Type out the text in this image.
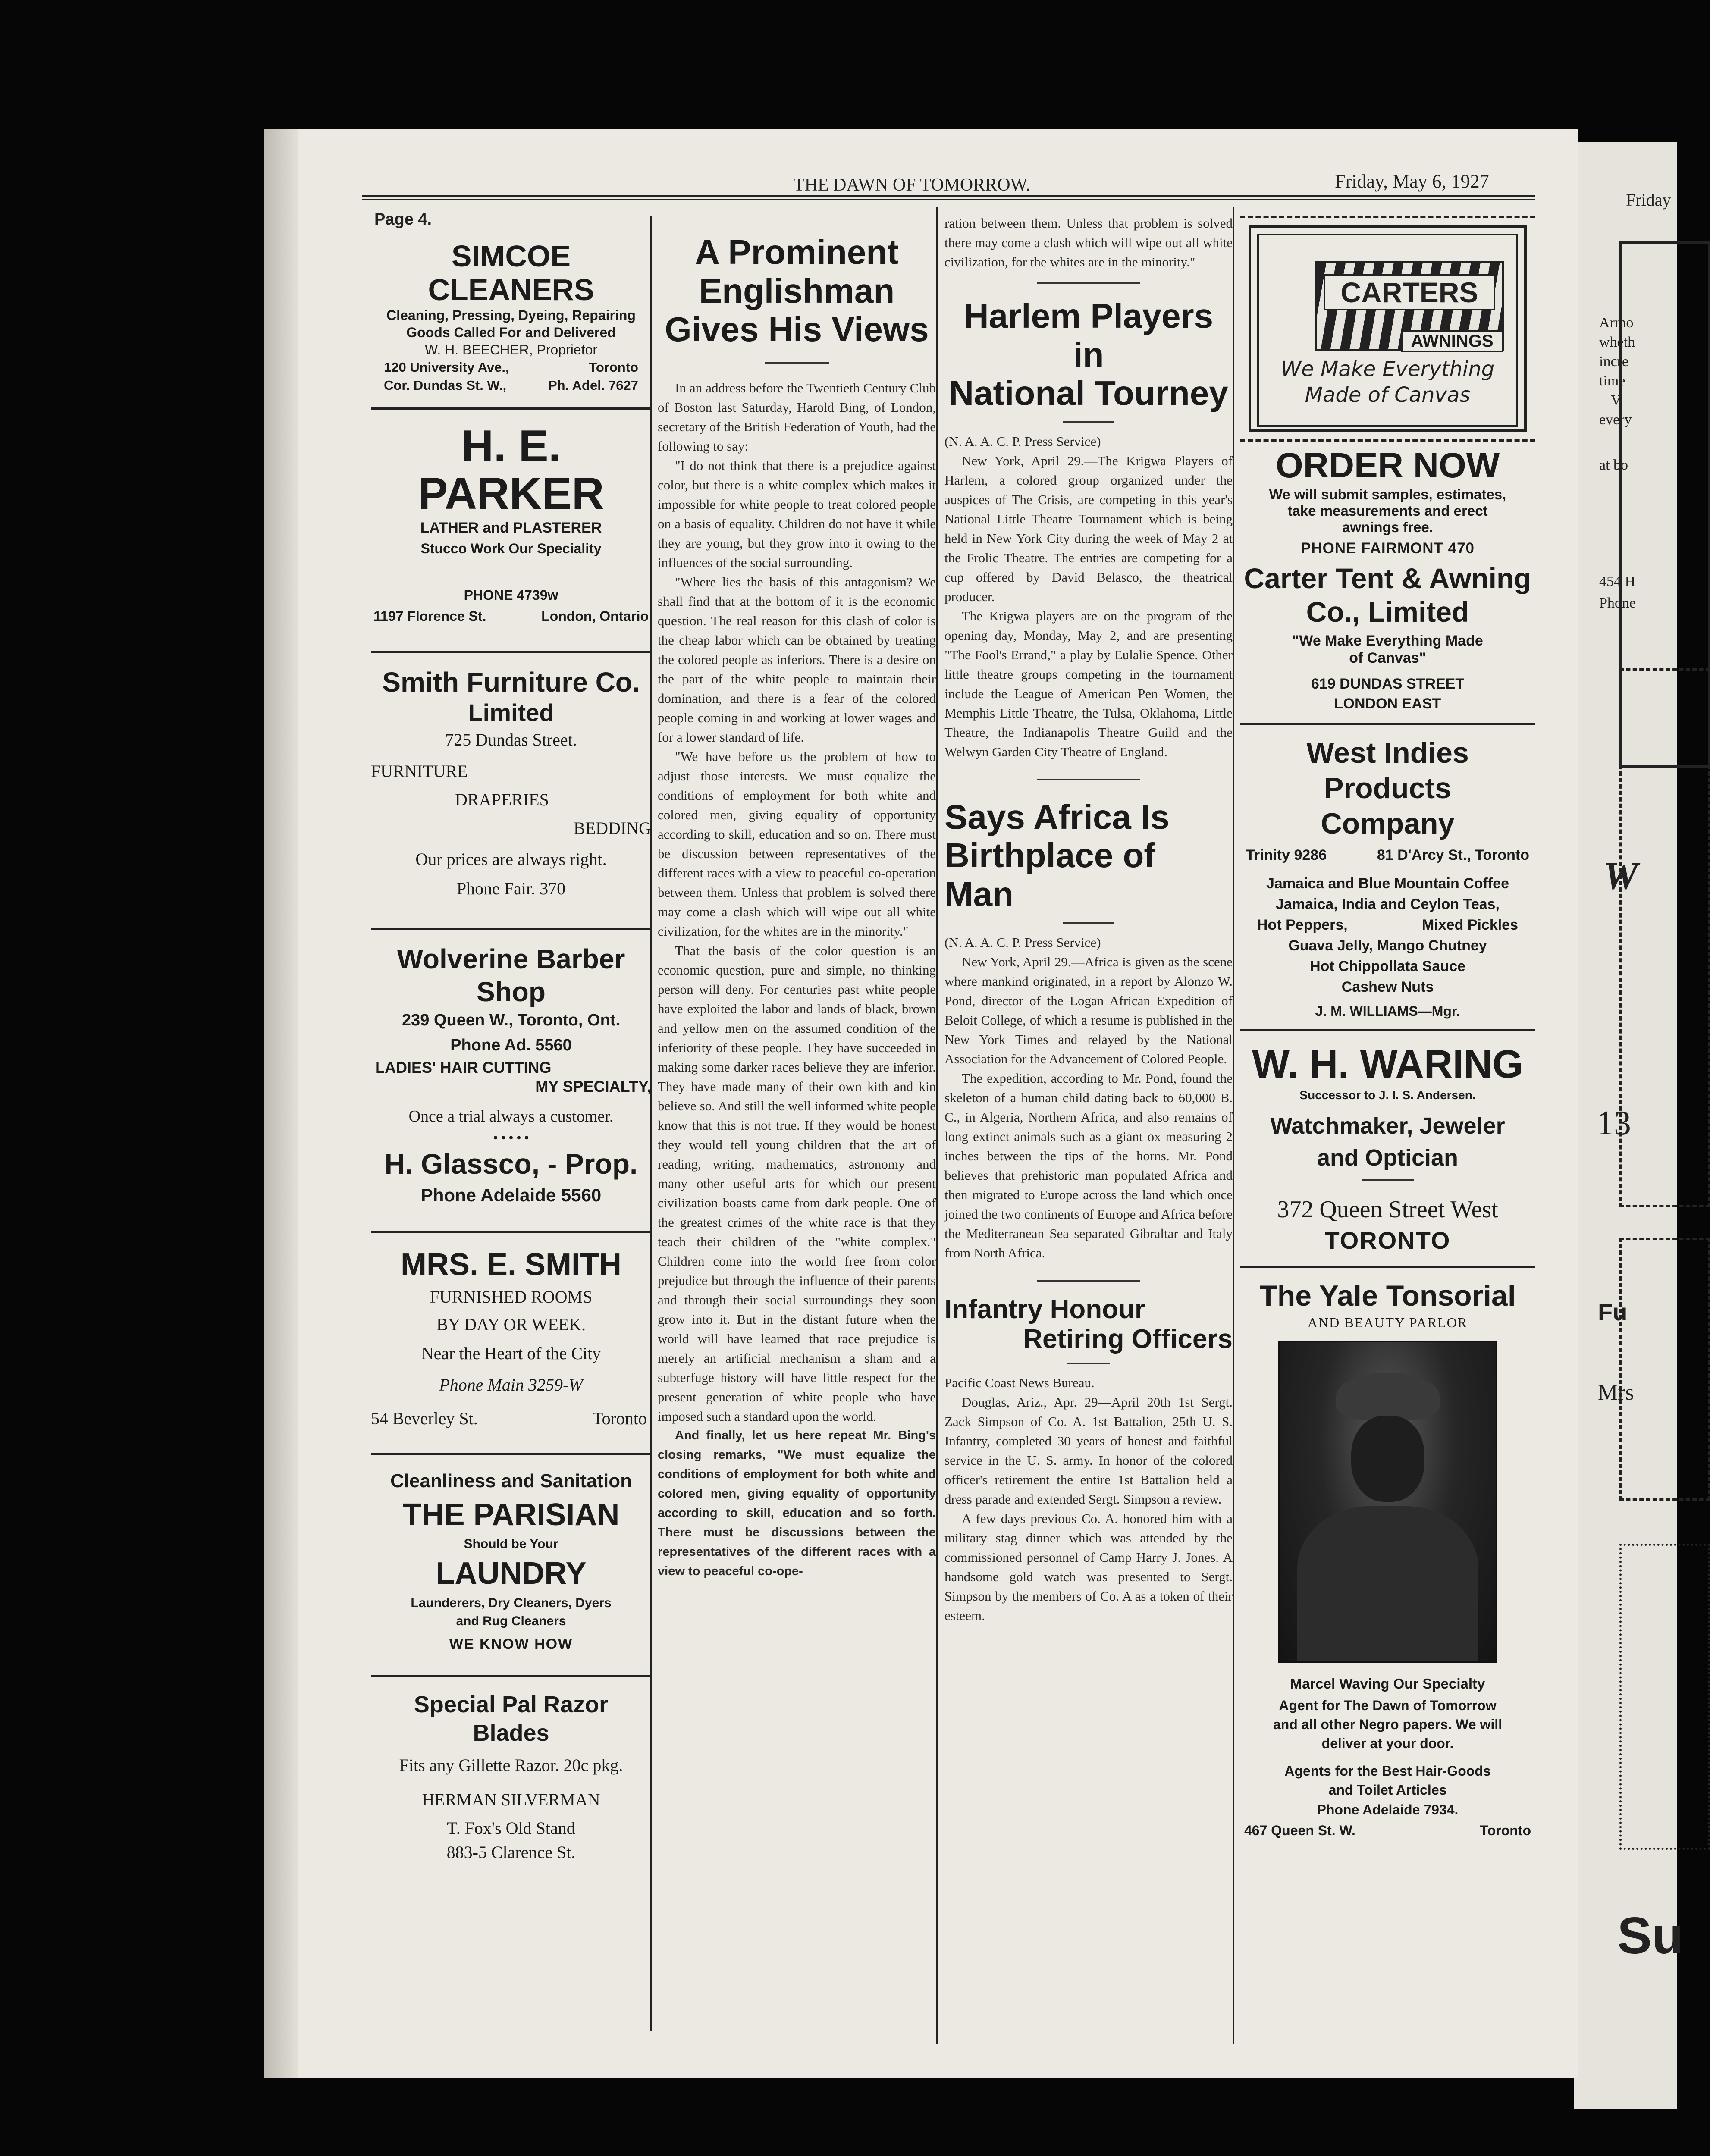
Friday
Armo
wheth
incre
time
V
every
at bo
454 H
Phone
W
13
Fu
Mrs
Su
THE DAWN OF TOMORROW.	Friday, May 6, 1927
Page 4.
SIMCOE CLEANERS
Cleaning, Pressing, Dyeing, Repairing
Goods Called For and Delivered
W. H. BEECHER, Proprietor
120 University Ave.,	Toronto
Cor. Dundas St. W.,	Ph. Adel. 7627
H. E. PARKER
LATHER and PLASTERER
Stucco Work Our Speciality
PHONE 4739w
1197 Florence St.	London, Ontario
Smith Furniture Co.
Limited
725 Dundas Street.
FURNITURE
DRAPERIES
BEDDING
Our prices are always right.
Phone Fair. 370
Wolverine Barber Shop
239 Queen W., Toronto, Ont.
Phone Ad. 5560
LADIES' HAIR CUTTING
MY SPECIALTY,
Once a trial always a customer.
• • • • •
H. Glassco, - Prop.
Phone Adelaide 5560
MRS. E. SMITH
FURNISHED ROOMS
BY DAY OR WEEK.
Near the Heart of the City
Phone Main 3259-W
54 Beverley St.	Toronto
Cleanliness and Sanitation
THE PARISIAN
Should be Your
LAUNDRY
Launderers, Dry Cleaners, Dyers
and Rug Cleaners
WE KNOW HOW
Special Pal Razor
Blades
Fits any Gillette Razor. 20c pkg.
HERMAN SILVERMAN
T. Fox's Old Stand
883-5 Clarence St.
A Prominent
Englishman
Gives His Views

In an address before the Twentieth Century Club of Boston last Saturday, Harold Bing, of London, secretary of the British Federation of Youth, had the following to say:

"I do not think that there is a prejudice against color, but there is a white complex which makes it impossible for white people to treat colored people on a basis of equality. Children do not have it while they are young, but they grow into it owing to the influences of the social surrounding.

"Where lies the basis of this antagonism? We shall find that at the bottom of it is the economic question. The real reason for this clash of color is the cheap labor which can be obtained by treating the colored people as inferiors. There is a desire on the part of the white people to maintain their domination, and there is a fear of the colored people coming in and working at lower wages and for a lower standard of life.

"We have before us the problem of how to adjust those interests. We must equalize the conditions of employment for both white and colored men, giving equality of opportunity according to skill, education and so on. There must be discussion between representatives of the different races with a view to peaceful co-operation between them. Unless that problem is solved there may come a clash which will wipe out all white civilization, for the whites are in the minority."

That the basis of the color question is an economic question, pure and simple, no thinking person will deny. For centuries past white people have exploited the labor and lands of black, brown and yellow men on the assumed condition of the inferiority of these people. They have succeeded in making some darker races believe they are inferior. They have made many of their own kith and kin believe so. And still the well informed white people know that this is not true. If they would be honest they would tell young children that the art of reading, writing, mathematics, astronomy and many other useful arts for which our present civilization boasts came from dark people. One of the greatest crimes of the white race is that they teach their children of the "white complex." Children come into the world free from color prejudice but through the influence of their parents and through their social surroundings they soon grow into it. But in the distant future when the world will have learned that race prejudice is merely an artificial mechanism a sham and a subterfuge history will have little respect for the present generation of white people who have imposed such a standard upon the world.

And finally, let us here repeat Mr. Bing's closing remarks, "We must equalize the conditions of employment for both white and colored men, giving equality of opportunity according to skill, education and so forth. There must be discussions between the representatives of the different races with a view to peaceful co-ope-

ration between them. Unless that problem is solved there may come a clash which will wipe out all white civilization, for the whites are in the minority."

Harlem Players in
National Tourney

(N. A. A. C. P. Press Service)

New York, April 29.—The Krigwa Players of Harlem, a colored group organized under the auspices of The Crisis, are competing in this year's National Little Theatre Tournament which is being held in New York City during the week of May 2 at the Frolic Theatre. The entries are competing for a cup offered by David Belasco, the theatrical producer.

The Krigwa players are on the program of the opening day, Monday, May 2, and are presenting "The Fool's Errand," a play by Eulalie Spence. Other little theatre groups competing in the tournament include the League of American Pen Women, the Memphis Little Theatre, the Tulsa, Oklahoma, Little Theatre, the Indianapolis Theatre Guild and the Welwyn Garden City Theatre of England.

Says Africa Is
Birthplace of Man

(N. A. A. C. P. Press Service)

New York, April 29.—Africa is given as the scene where mankind originated, in a report by Alonzo W. Pond, director of the Logan African Expedition of Beloit College, of which a resume is published in the New York Times and relayed by the National Association for the Advancement of Colored People.

The expedition, according to Mr. Pond, found the skeleton of a human child dating back to 60,000 B. C., in Algeria, Northern Africa, and also remains of long extinct animals such as a giant ox measuring 2 inches between the tips of the horns. Mr. Pond believes that prehistoric man populated Africa and then migrated to Europe across the land which once joined the two continents of Europe and Africa before the Mediterranean Sea separated Gibraltar and Italy from North Africa.

Infantry Honour
Retiring Officers

Pacific Coast News Bureau.

Douglas, Ariz., Apr. 29—April 20th 1st Sergt. Zack Simpson of Co. A. 1st Battalion, 25th U. S. Infantry, completed 30 years of honest and faithful service in the U. S. army. In honor of the colored officer's retirement the entire 1st Battalion held a dress parade and extended Sergt. Simpson a review.

A few days previous Co. A. honored him with a military stag dinner which was attended by the commissioned personnel of Camp Harry J. Jones. A handsome gold watch was presented to Sergt. Simpson by the members of Co. A as a token of their esteem.

CARTERS
AWNINGS
We Make Everything
Made of Canvas
ORDER NOW
We will submit samples, estimates,
take measurements and erect
awnings free.
PHONE FAIRMONT 470
Carter Tent & Awning
Co., Limited
"We Make Everything Made
of Canvas"
619 DUNDAS STREET
LONDON EAST
West Indies Products
Company
Trinity 9286	81 D'Arcy St., Toronto
Jamaica and Blue Mountain Coffee
Jamaica, India and Ceylon Teas,
Hot Peppers,	Mixed Pickles
Guava Jelly, Mango Chutney
Hot Chippollata Sauce
Cashew Nuts
J. M. WILLIAMS—Mgr.
W. H. WARING
Successor to J. I. S. Andersen.
Watchmaker, Jeweler
and Optician
372 Queen Street West
TORONTO
The Yale Tonsorial
AND BEAUTY PARLOR
Marcel Waving Our Specialty
Agent for The Dawn of Tomorrow
and all other Negro papers. We will
deliver at your door.
Agents for the Best Hair-Goods
and Toilet Articles
Phone Adelaide 7934.
467 Queen St. W.	Toronto
